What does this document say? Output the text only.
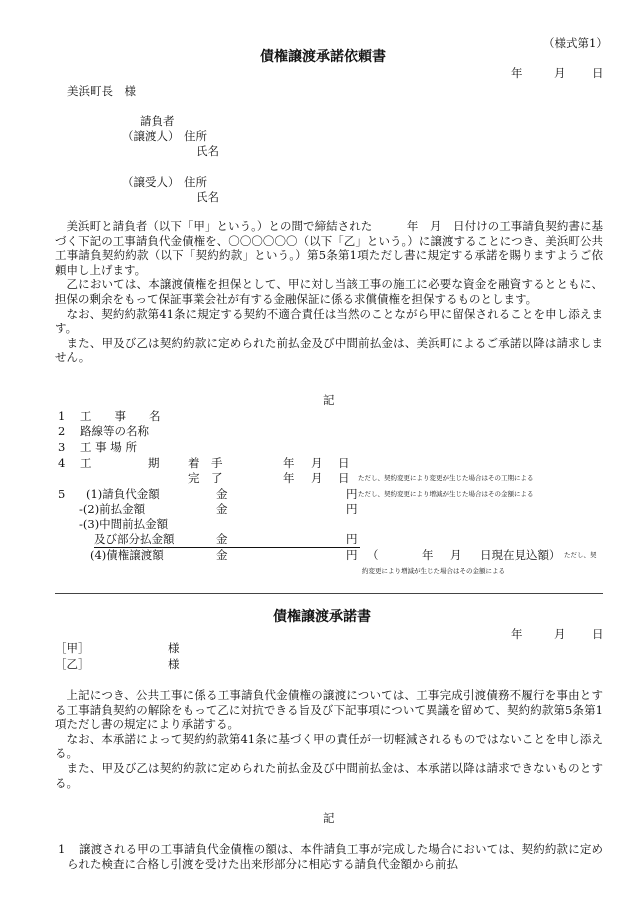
（様式第1）
債権譲渡承諾依頼書
年	月 日
美浜町長　様
請負者
（譲渡人） 住所
氏名
（譲受人） 住所
氏名

美浜町と請負者（以下「甲」という。）との間で締結された　　　年　月　日付けの工事請負契約書に基づく下記の工事請負代金債権を、〇〇〇〇〇〇（以下「乙」という。）に譲渡することにつき、美浜町公共工事請負契約約款（以下「契約約款」という。）第5条第1項ただし書に規定する承諾を賜りますようご依頼申し上げます。

乙においては、本譲渡債権を担保として、甲に対し当該工事の施工に必要な資金を融資するとともに、担保の剰余をもって保証事業会社が有する金融保証に係る求償債権を担保するものとします。

なお、契約約款第41条に規定する契約不適合責任は当然のことながら甲に留保されることを申し添えます。

また、甲及び乙は契約約款に定められた前払金及び中間前払金は、美浜町によるご承諾以降は請求しません。

記
1 工　　事　　名
2 路線等の名称
3 工 事 場 所
4 工	期 着　手	年 月 日
完　了	年 月 日 ただし、契約変更により変更が生じた場合はその工期による
5 (1)請負代金額	金	円 ただし、契約変更により増減が生じた場合はその金額による
-(2)前払金額	金	円
-(3)中間前払金額
及び部分払金額	金	円
(4)債権譲渡額	金	円 （	年 月 日現在見込額） ただし、契
約変更により増減が生じた場合はその金額による
債権譲渡承諾書
年	月 日
［甲］	様
［乙］	様

上記につき、公共工事に係る工事請負代金債権の譲渡については、工事完成引渡債務不履行を事由とする工事請負契約の解除をもって乙に対抗できる旨及び下記事項について異議を留めて、契約約款第5条第1項ただし書の規定により承諾する。

なお、本承諾によって契約約款第41条に基づく甲の責任が一切軽減されるものではないことを申し添える。

また、甲及び乙は契約約款に定められた前払金及び中間前払金は、本承諾以降は請求できないものとする。

記
1	譲渡される甲の工事請負代金債権の額は、本件請負工事が完成した場合においては、契約約款に定められた検査に合格し引渡を受けた出来形部分に相応する請負代金額から前払
